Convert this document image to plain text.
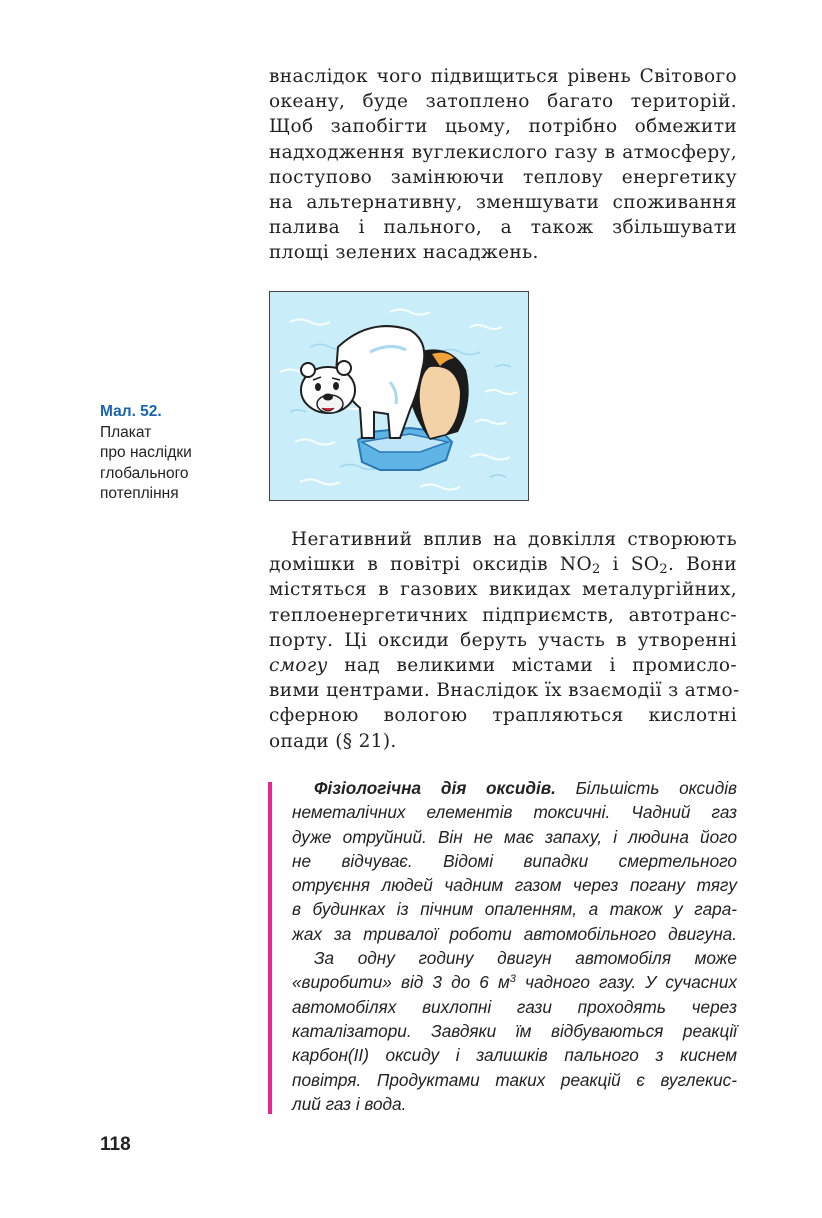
внаслідок чого підвищиться рівень Світового
океану, буде затоплено багато територій.
Щоб запобігти цьому, потрібно обмежити
надходження вуглекислого газу в атмосферу,
поступово замінюючи теплову енергетику
на альтернативну, зменшувати споживання
палива і пального, а також збільшувати
площі зелених насаджень.
Мал. 52.
Плакат
про наслідки
глобального
потепління
Негативний вплив на довкілля створюють
домішки в повітрі оксидів $NO_2$ і $SO_2$. Вони
містяться в газових викидах металургійних,
теплоенергетичних підприємств, автотранс-
порту. Ці оксиди беруть участь в утворенні
смогу над великими містами і промисло-
вими центрами. Внаслідок їх взаємодії з атмо-
сферною вологою трапляються кислотні
опади (§ 21).
Фізіологічна дія оксидів. Більшість оксидів
неметалічних елементів токсичні. Чадний газ
дуже отруйний. Він не має запаху, і людина його
не відчуває. Відомі випадки смертельного
отруєння людей чадним газом через погану тягу
в будинках із пічним опаленням, а також у гара-
жах за тривалої роботи автомобільного двигуна.
За одну годину двигун автомобіля може
«виробити» від 3 до 6 $м^3$ чадного газу. У сучасних
автомобілях вихлопні гази проходять через
каталізатори. Завдяки їм відбуваються реакції
карбон(ІІ) оксиду і залишків пального з киснем
повітря. Продуктами таких реакцій є вуглекис-
лий газ і вода.
118
